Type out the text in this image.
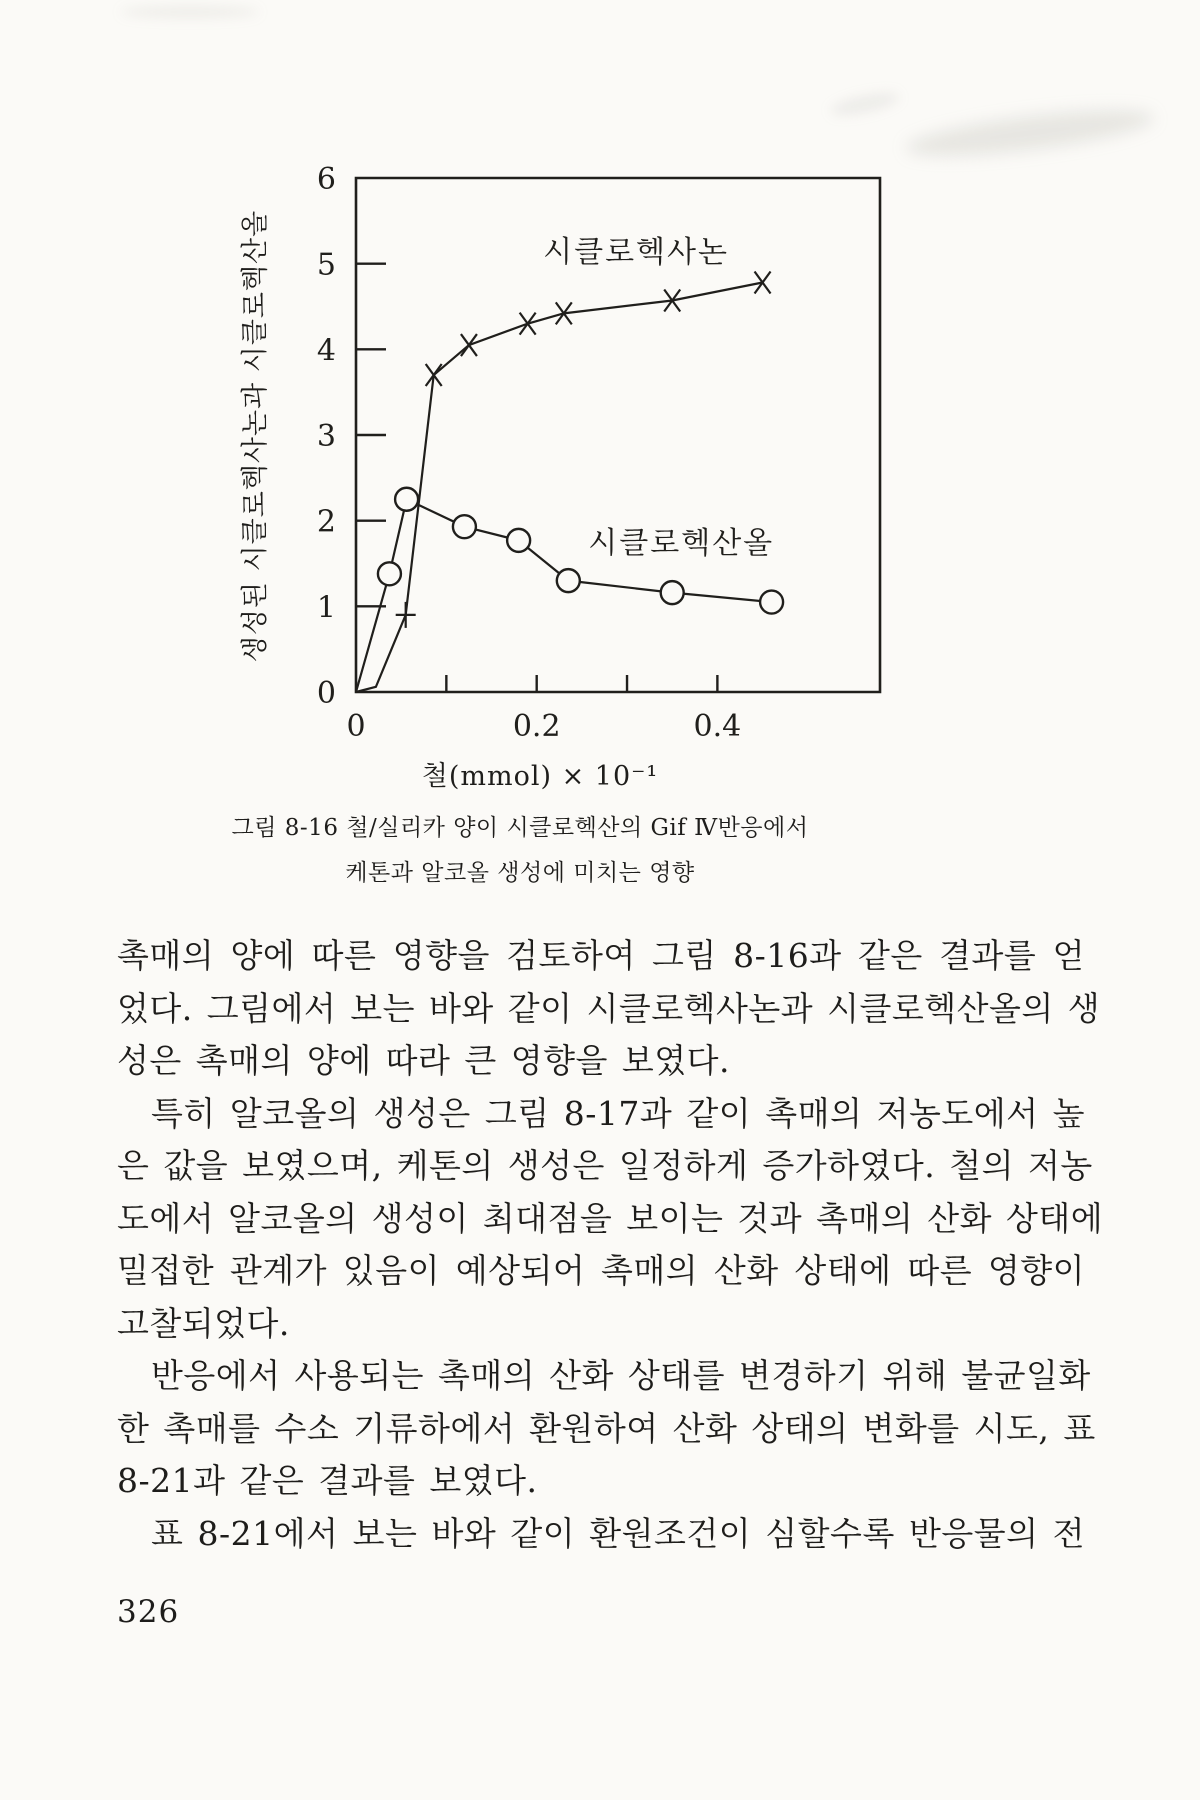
0
1
2
3
4
5
6
0	0.2	0.4
시클로헥사논
시클로헥산올
생성된 시클로헥사논과 시클로헥산올
철(mmol) × 10⁻¹
그림 8-16 철/실리카 양이 시클로헥산의 Gif Ⅳ반응에서
케톤과 알코올 생성에 미치는 영향
촉매의 양에 따른 영향을 검토하여 그림 8-16과 같은 결과를 얻
었다. 그림에서 보는 바와 같이 시클로헥사논과 시클로헥산올의 생
성은 촉매의 양에 따라 큰 영향을 보였다.
특히 알코올의 생성은 그림 8-17과 같이 촉매의 저농도에서 높
은 값을 보였으며, 케톤의 생성은 일정하게 증가하였다. 철의 저농
도에서 알코올의 생성이 최대점을 보이는 것과 촉매의 산화 상태에
밀접한 관계가 있음이 예상되어 촉매의 산화 상태에 따른 영향이
고찰되었다.
반응에서 사용되는 촉매의 산화 상태를 변경하기 위해 불균일화
한 촉매를 수소 기류하에서 환원하여 산화 상태의 변화를 시도, 표
8-21과 같은 결과를 보였다.
표 8-21에서 보는 바와 같이 환원조건이 심할수록 반응물의 전
326
